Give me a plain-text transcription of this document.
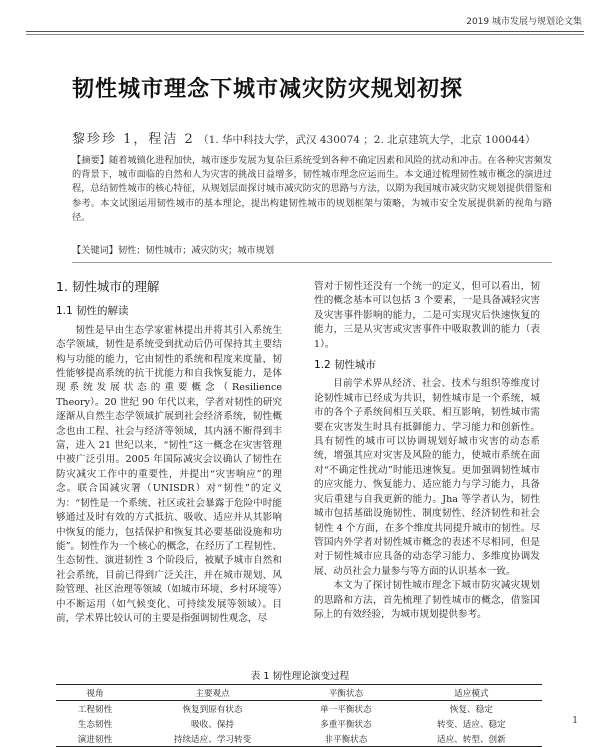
2019 城市发展与规划论文集
韧性城市理念下城市减灾防灾规划初探
黎珍珍 1，程洁 2 （1. 华中科技大学，武汉 430074 ；2. 北京建筑大学，北京 100044）
【摘要】随着城镇化进程加快，城市逐步发展为复杂巨系统受到各种不确定因素和风险的扰动和冲击。在各种灾害频发的背景下，城市面临的自然和人为灾害的挑战日益增多，韧性城市理念应运而生。本文通过梳理韧性城市概念的演进过程，总结韧性城市的核心特征，从规划层面探讨城市减灾防灾的思路与方法，以期为我国城市减灾防灾规划提供借鉴和参考。本文试图运用韧性城市的基本理论，提出构建韧性城市的规划框架与策略，为城市安全发展提供新的视角与路径。
【关键词】韧性；韧性城市；减灾防灾；城市规划
1. 韧性城市的理解
1.1 韧性的解读

韧性是早由生态学家霍林提出并将其引入系统生态学领域，韧性是系统受到扰动后仍可保持其主要结构与功能的能力，它由韧性的系统和程度来度量，韧性能够提高系统的抗干扰能力和自我恢复能力，是体现系统发展状态的重要概念（Resilience Theory）。20 世纪 90 年代以来，学者对韧性的研究逐渐从自然生态学领域扩展到社会经济系统，韧性概念也由工程、社会与经济等领域，其内涵不断得到丰富，进入 21 世纪以来，“韧性”这一概念在灾害管理中被广泛引用。2005 年国际减灾会议确认了韧性在防灾减灾工作中的重要性，并提出“灾害响应”的理念。联合国减灾署（UNISDR）对“韧性”的定义为：“韧性是一个系统、社区或社会暴露于危险中时能够通过及时有效的方式抵抗、吸收、适应并从其影响中恢复的能力，包括保护和恢复其必要基础设施和功能”。韧性作为一个核心的概念，在经历了工程韧性、生态韧性、演进韧性 3 个阶段后，被赋予城市自然和社会系统，目前已得到广泛关注，并在城市规划、风险管理、社区治理等领域（如城市环境、乡村环境等）中不断运用（如气候变化、可持续发展等领域）。目前，学术界比较认可的主要是指强调韧性观念，尽

管对于韧性还没有一个统一的定义，但可以看出，韧性的概念基本可以包括 3 个要素，一是具备减轻灾害及灾害事件影响的能力，二是可实现灾后快速恢复的能力，三是从灾害或灾害事件中吸取教训的能力（表 1）。

1.2 韧性城市

目前学术界从经济、社会、技术与组织等维度讨论韧性城市已经成为共识，韧性城市是一个系统，城市的各个子系统间相互关联、相互影响，韧性城市需要在灾害发生时具有抵御能力、学习能力和创新性。具有韧性的城市可以协调规划好城市灾害的动态系统，增强其应对灾害及风险的能力，使城市系统在面对“不确定性扰动”时能迅速恢复。更加强调韧性城市的应灾能力、恢复能力、适应能力与学习能力，具备灾后重建与自我更新的能力。Jha 等学者认为，韧性城市包括基础设施韧性、制度韧性、经济韧性和社会韧性 4 个方面，在多个维度共同提升城市的韧性。尽管国内外学者对韧性城市概念的表述不尽相同，但是对于韧性城市应具备的动态学习能力、多维度协调发展、动员社会力量参与等方面的认识基本一致。

本文为了探讨韧性城市理念下城市防灾减灾规划的思路和方法，首先梳理了韧性城市的概念，借鉴国际上的有效经验，为城市规划提供参考。

表 1 韧性理论演变过程
视角	主要观点	平衡状态	适应模式
工程韧性	恢复到原有状态	单一平衡状态	恢复、稳定
生态韧性	吸收、保持	多重平衡状态	转变、适应、稳定
演进韧性	持续适应、学习转变	非平衡状态	适应、转型、创新
1
